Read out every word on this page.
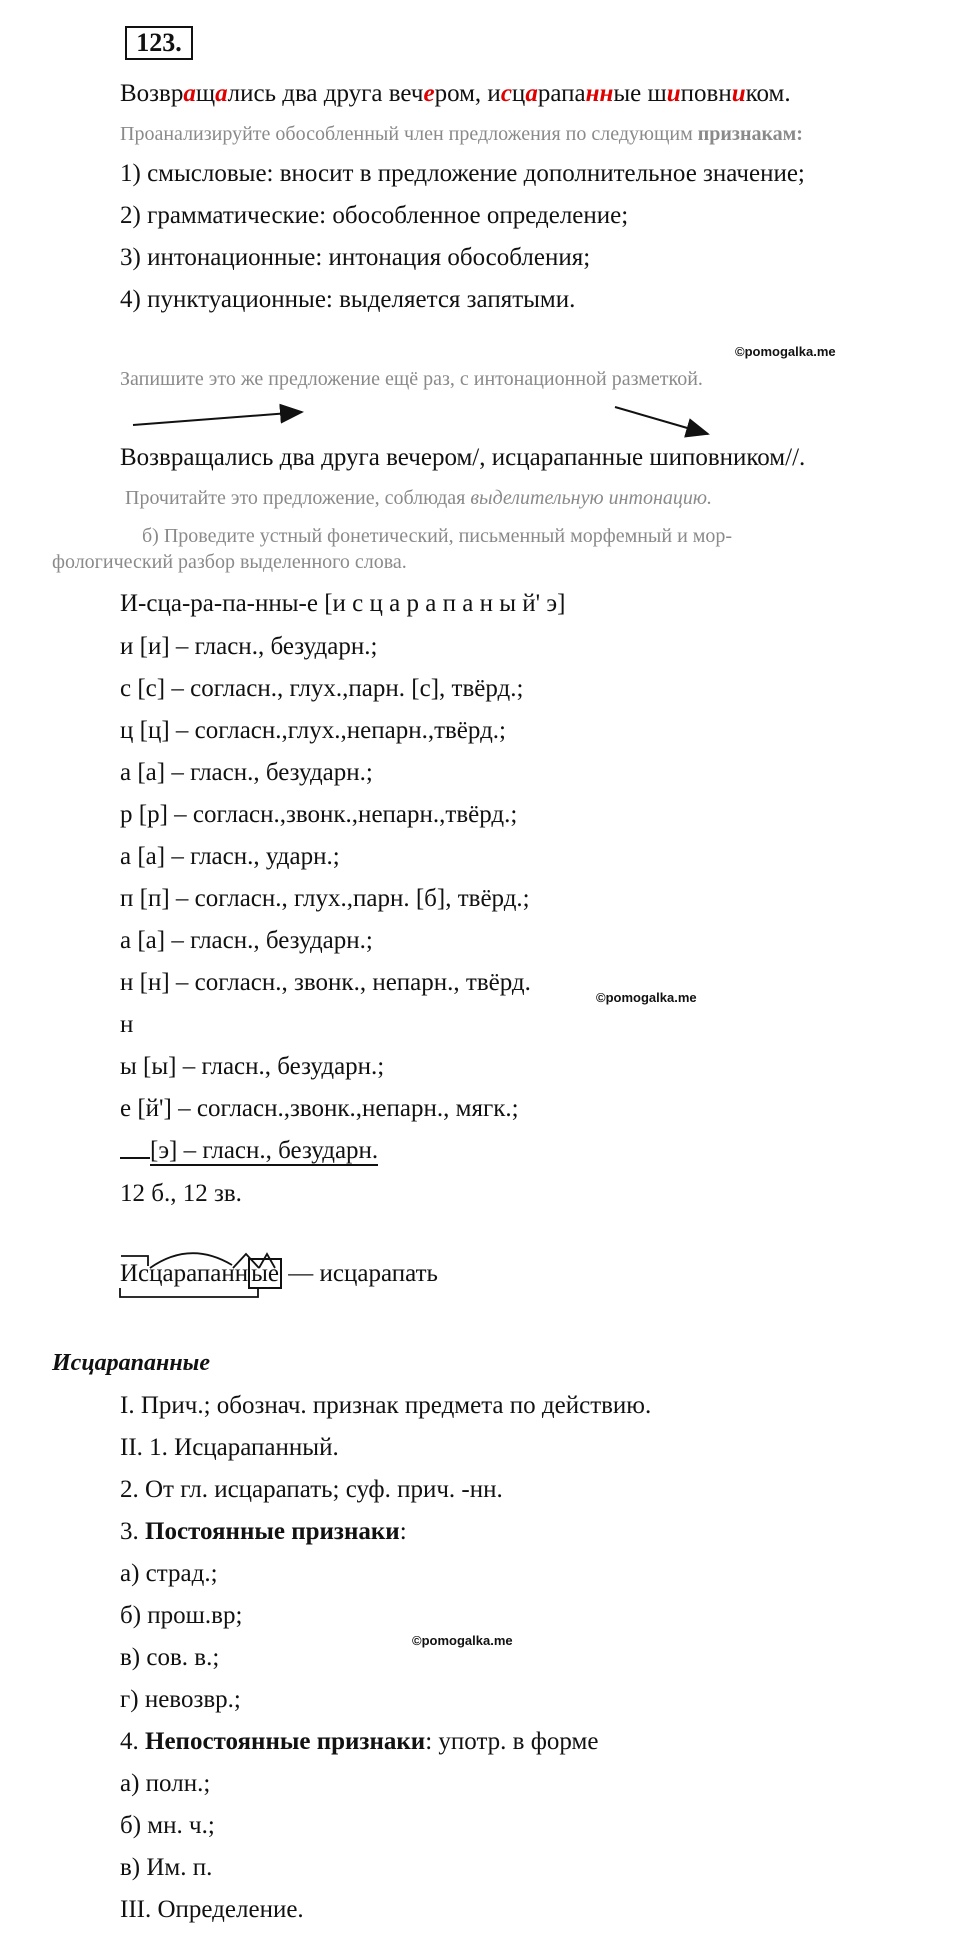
123.
Возвращались два друга вечером, исцарапанные шиповником.
Проанализируйте обособленный член предложения по следующим признакам:
1) смысловые: вносит в предложение дополнительное значение;
2) грамматические: обособленное определение;
3) интонационные: интонация обособления;
4) пунктуационные: выделяется запятыми.
©pomogalka.me
Запишите это же предложение ещё раз, с интонационной разметкой.
Возвращались два друга вечером/, исцарапанные шиповником//.
Прочитайте это предложение, соблюдая выделительную интонацию.
б) Проведите устный фонетический, письменный морфемный и мор-
фологический разбор выделенного слова.
И-сца-ра-па-нны-е [и с ц а р а п а н ы й' э]
и [и] – гласн., безударн.;
с [с] – согласн., глух.,парн. [с], твёрд.;
ц [ц] – согласн.,глух.,непарн.,твёрд.;
а [а] – гласн., безударн.;
р [р] – согласн.,звонк.,непарн.,твёрд.;
а [а] – гласн., ударн.;
п [п] – согласн., глух.,парн. [б], твёрд.;
а [а] – гласн., безударн.;
н [н] – согласн., звонк., непарн., твёрд.
©pomogalka.me
н
ы [ы] – гласн., безударн.;
е [й'] – согласн.,звонк.,непарн., мягк.;
[э] – гласн., безударн.
12 б., 12 зв.
Исцарапанн ые — исцарапать
Исцарапанные
I. Прич.; обознач. признак предмета по действию.
II. 1. Исцарапанный.
2. От гл. исцарапать; суф. прич. -нн.
3. Постоянные признаки:
а) страд.;
б) прош.вр;
©pomogalka.me
в) сов. в.;
г) невозвр.;
4. Непостоянные признаки: употр. в форме
а) полн.;
б) мн. ч.;
в) Им. п.
III. Определение.
